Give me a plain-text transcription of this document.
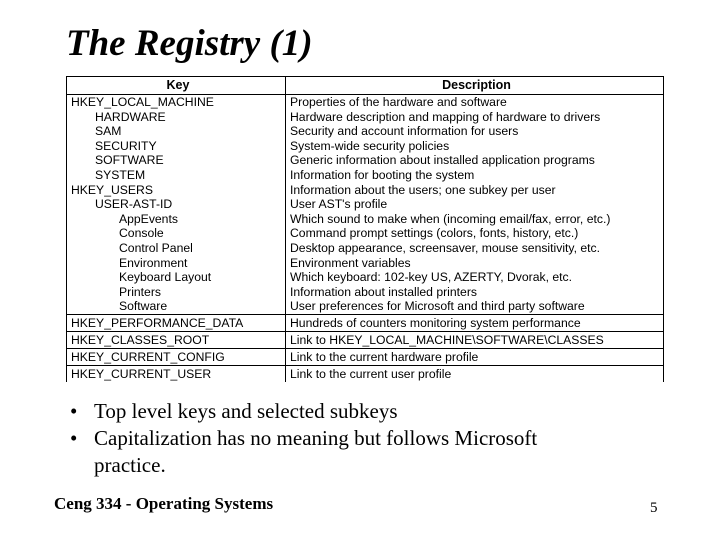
The Registry (1)
Key	Description
HKEY_LOCAL_MACHINE	Properties of the hardware and software
HARDWARE	Hardware description and mapping of hardware to drivers
SAM	Security and account information for users
SECURITY	System-wide security policies
SOFTWARE	Generic information about installed application programs
SYSTEM	Information for booting the system
HKEY_USERS	Information about the users; one subkey per user
USER-AST-ID	User AST's profile
AppEvents	Which sound to make when (incoming email/fax, error, etc.)
Console	Command prompt settings (colors, fonts, history, etc.)
Control Panel	Desktop appearance, screensaver, mouse sensitivity, etc.
Environment	Environment variables
Keyboard Layout	Which keyboard: 102-key US, AZERTY, Dvorak, etc.
Printers	Information about installed printers
Software	User preferences for Microsoft and third party software
HKEY_PERFORMANCE_DATA	Hundreds of counters monitoring system performance
HKEY_CLASSES_ROOT	Link to HKEY_LOCAL_MACHINE\SOFTWARE\CLASSES
HKEY_CURRENT_CONFIG	Link to the current hardware profile
HKEY_CURRENT_USER	Link to the current user profile
• Top level keys and selected subkeys
• Capitalization has no meaning but follows Microsoft
practice.
Ceng 334 - Operating Systems	5
